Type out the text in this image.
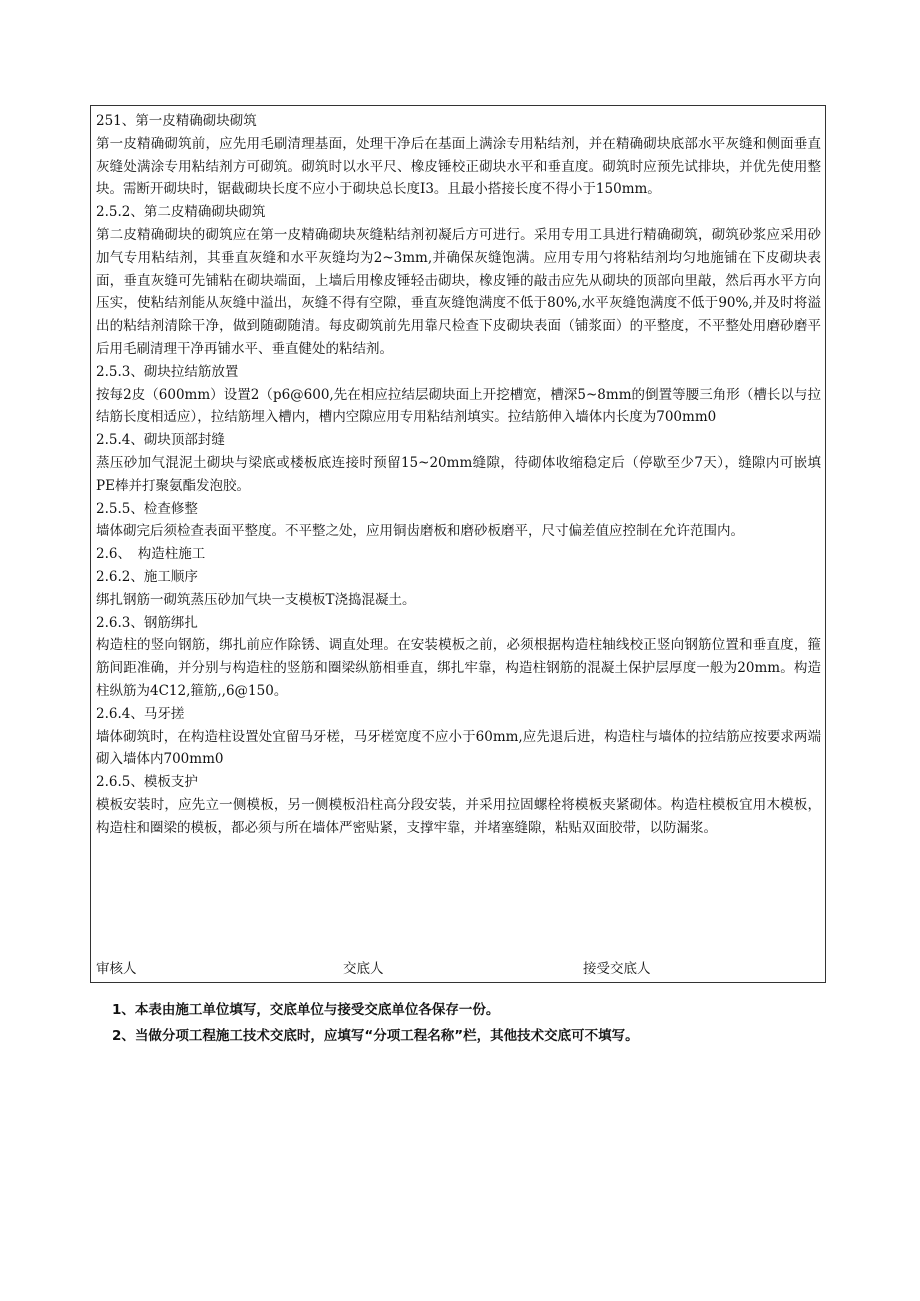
251、第一皮精确砌块砌筑
第一皮精确砌筑前，应先用毛刷清理基面，处理干净后在基面上满涂专用粘结剂，并在精确砌块底部水平灰缝和侧面垂直灰缝处满涂专用粘结剂方可砌筑。砌筑时以水平尺、橡皮锤校正砌块水平和垂直度。砌筑时应预先试排块，并优先使用整块。需断开砌块时，锯截砌块长度不应小于砌块总长度I3。且最小搭接长度不得小于150mm。
2.5.2、第二皮精确砌块砌筑
第二皮精确砌块的砌筑应在第一皮精确砌块灰缝粘结剂初凝后方可进行。采用专用工具进行精确砌筑，砌筑砂浆应采用砂加气专用粘结剂，其垂直灰缝和水平灰缝均为2~3mm,并确保灰缝饱满。应用专用勺将粘结剂均匀地施铺在下皮砌块表面，垂直灰缝可先铺粘在砌块端面，上墙后用橡皮锤轻击砌块，橡皮锤的敲击应先从砌块的顶部向里敲，然后再水平方向压实，使粘结剂能从灰缝中溢出，灰缝不得有空隙，垂直灰缝饱满度不低于80%,水平灰缝饱满度不低于90%,并及时将溢出的粘结剂清除干净，做到随砌随清。每皮砌筑前先用靠尺检查下皮砌块表面（铺浆面）的平整度，不平整处用磨砂磨平后用毛刷清理干净再铺水平、垂直健处的粘结剂。
2.5.3、砌块拉结筋放置
按每2皮（600mm）设置2（p6@600,先在相应拉结层砌块面上开挖槽宽，槽深5~8mm的倒置等腰三角形（槽长以与拉结筋长度相适应），拉结筋埋入槽内，槽内空隙应用专用粘结剂填实。拉结筋伸入墙体内长度为700mm0
2.5.4、砌块顶部封缝
蒸压砂加气混泥土砌块与梁底或楼板底连接时预留15~20mm缝隙，待砌体收缩稳定后（停歇至少7天），缝隙内可嵌填PE棒并打聚氨酯发泡胶。
2.5.5、检查修整
墙体砌完后须检查表面平整度。不平整之处，应用铜齿磨板和磨砂板磨平，尺寸偏差值应控制在允许范围内。
2.6、　构造柱施工
2.6.2、施工顺序
绑扎钢筋一砌筑蒸压砂加气块一支模板T浇捣混凝土。
2.6.3、钢筋绑扎
构造柱的竖向钢筋，绑扎前应作除锈、调直处理。在安装模板之前，必须根据构造柱轴线校正竖向钢筋位置和垂直度，箍筋间距准确，并分别与构造柱的竖筋和圈梁纵筋相垂直，绑扎牢靠，构造柱钢筋的混凝土保护层厚度一般为20mm。构造柱纵筋为4C12,箍筋,,6@150。
2.6.4、马牙搓
墙体砌筑时，在构造柱设置处宜留马牙槎，马牙槎宽度不应小于60mm,应先退后进，构造柱与墙体的拉结筋应按要求两端砌入墙体内700mm0
2.6.5、模板支护
模板安装时，应先立一侧模板，另一侧模板沿柱高分段安装，并采用拉固螺栓将模板夹紧砌体。构造柱模板宜用木模板，构造柱和圈梁的模板，都必须与所在墙体严密贴紧，支撑牢靠，并堵塞缝隙，粘贴双面胶带，以防漏浆。
审核人	交底人	接受交底人
1、本表由施工单位填写，交底单位与接受交底单位各保存一份。
2、当做分项工程施工技术交底时，应填写“分项工程名称”栏，其他技术交底可不填写。
